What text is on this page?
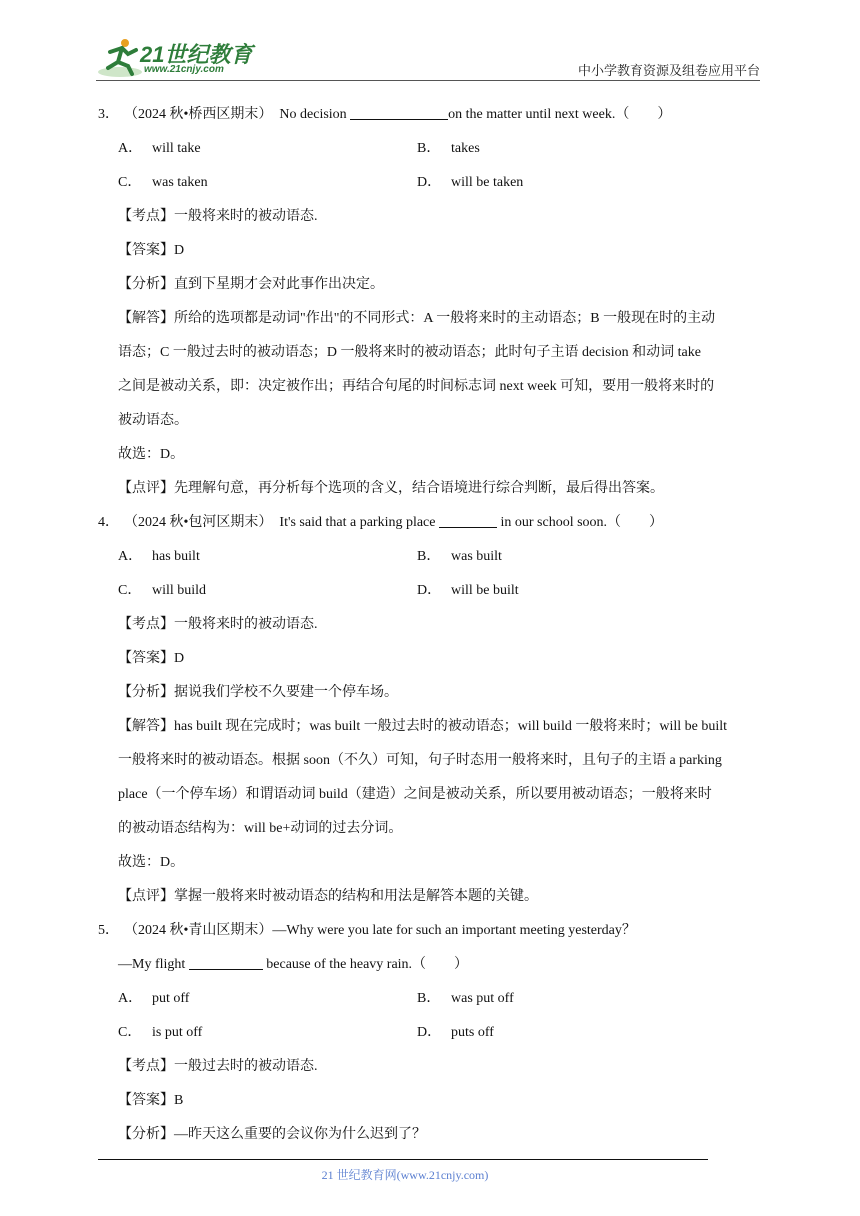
21世纪教育
www.21cnjy.com	中小学教育资源及组卷应用平台
3． （2024 秋•桥西区期末） No decision	on the matter until next week.（　　）
A． will take	B． takes
C． was taken	D． will be taken
【考点】一般将来时的被动语态.
【答案】D
【分析】直到下星期才会对此事作出决定。
【解答】所给的选项都是动词"作出"的不同形式：A 一般将来时的主动语态；B 一般现在时的主动
语态；C 一般过去时的被动语态；D 一般将来时的被动语态；此时句子主语 decision 和动词 take
之间是被动关系，即：决定被作出；再结合句尾的时间标志词 next week 可知，要用一般将来时的
被动语态。
故选：D。
【点评】先理解句意，再分析每个选项的含义，结合语境进行综合判断，最后得出答案。
4． （2024 秋•包河区期末） It's said that a parking place	in our school soon.（　　）
A． has built	B． was built
C． will build	D． will be built
【考点】一般将来时的被动语态.
【答案】D
【分析】据说我们学校不久要建一个停车场。
【解答】has built 现在完成时；was built 一般过去时的被动语态；will build 一般将来时；will be built
一般将来时的被动语态。根据 soon（不久）可知，句子时态用一般将来时，且句子的主语 a parking
place（一个停车场）和谓语动词 build（建造）之间是被动关系，所以要用被动语态；一般将来时
的被动语态结构为：will be+动词的过去分词。
故选：D。
【点评】掌握一般将来时被动语态的结构和用法是解答本题的关键。
5． （2024 秋•青山区期末）—Why were you late for such an important meeting yesterday？
—My flight	because of the heavy rain.（　　）
A． put off	B． was put off
C． is put off	D． puts off
【考点】一般过去时的被动语态.
【答案】B
【分析】—昨天这么重要的会议你为什么迟到了？
21 世纪教育网(www.21cnjy.com)
